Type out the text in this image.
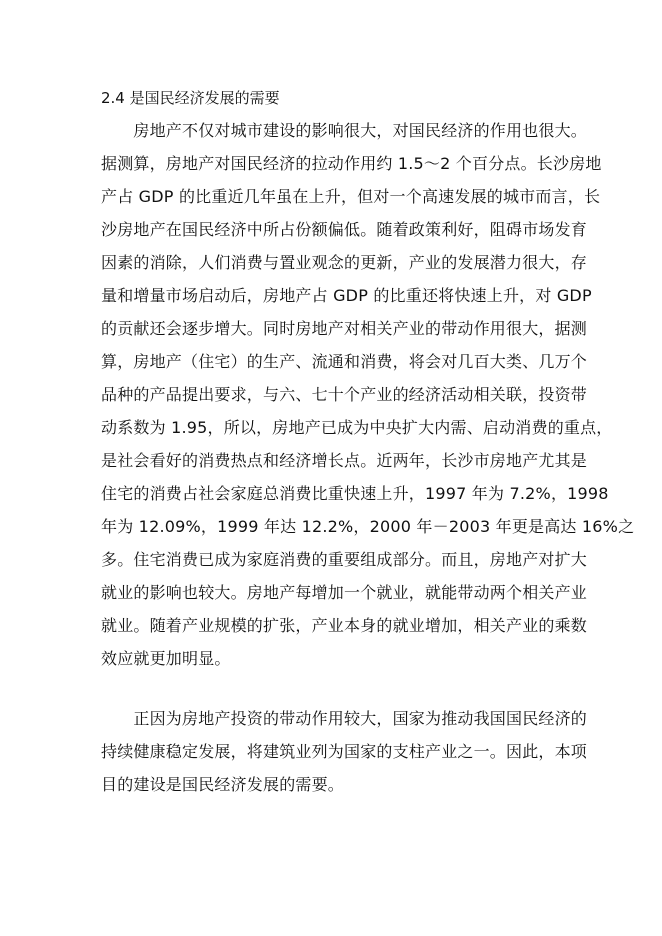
2.4 是国民经济发展的需要
　　房地产不仅对城市建设的影响很大，对国民经济的作用也很大。
据测算，房地产对国民经济的拉动作用约 1.5～2 个百分点。长沙房地
产占 GDP 的比重近几年虽在上升，但对一个高速发展的城市而言，长
沙房地产在国民经济中所占份额偏低。随着政策利好，阻碍市场发育
因素的消除，人们消费与置业观念的更新，产业的发展潜力很大，存
量和增量市场启动后，房地产占 GDP 的比重还将快速上升，对 GDP
的贡献还会逐步增大。同时房地产对相关产业的带动作用很大，据测
算，房地产（住宅）的生产、流通和消费，将会对几百大类、几万个
品种的产品提出要求，与六、七十个产业的经济活动相关联，投资带
动系数为 1.95，所以，房地产已成为中央扩大内需、启动消费的重点，
是社会看好的消费热点和经济增长点。近两年，长沙市房地产尤其是
住宅的消费占社会家庭总消费比重快速上升，1997 年为 7.2%，1998
年为 12.09%，1999 年达 12.2%，2000 年－2003 年更是高达 16%之
多。住宅消费已成为家庭消费的重要组成部分。而且，房地产对扩大
就业的影响也较大。房地产每增加一个就业，就能带动两个相关产业
就业。随着产业规模的扩张，产业本身的就业增加，相关产业的乘数
效应就更加明显。
　　正因为房地产投资的带动作用较大，国家为推动我国国民经济的
持续健康稳定发展，将建筑业列为国家的支柱产业之一。因此，本项
目的建设是国民经济发展的需要。
